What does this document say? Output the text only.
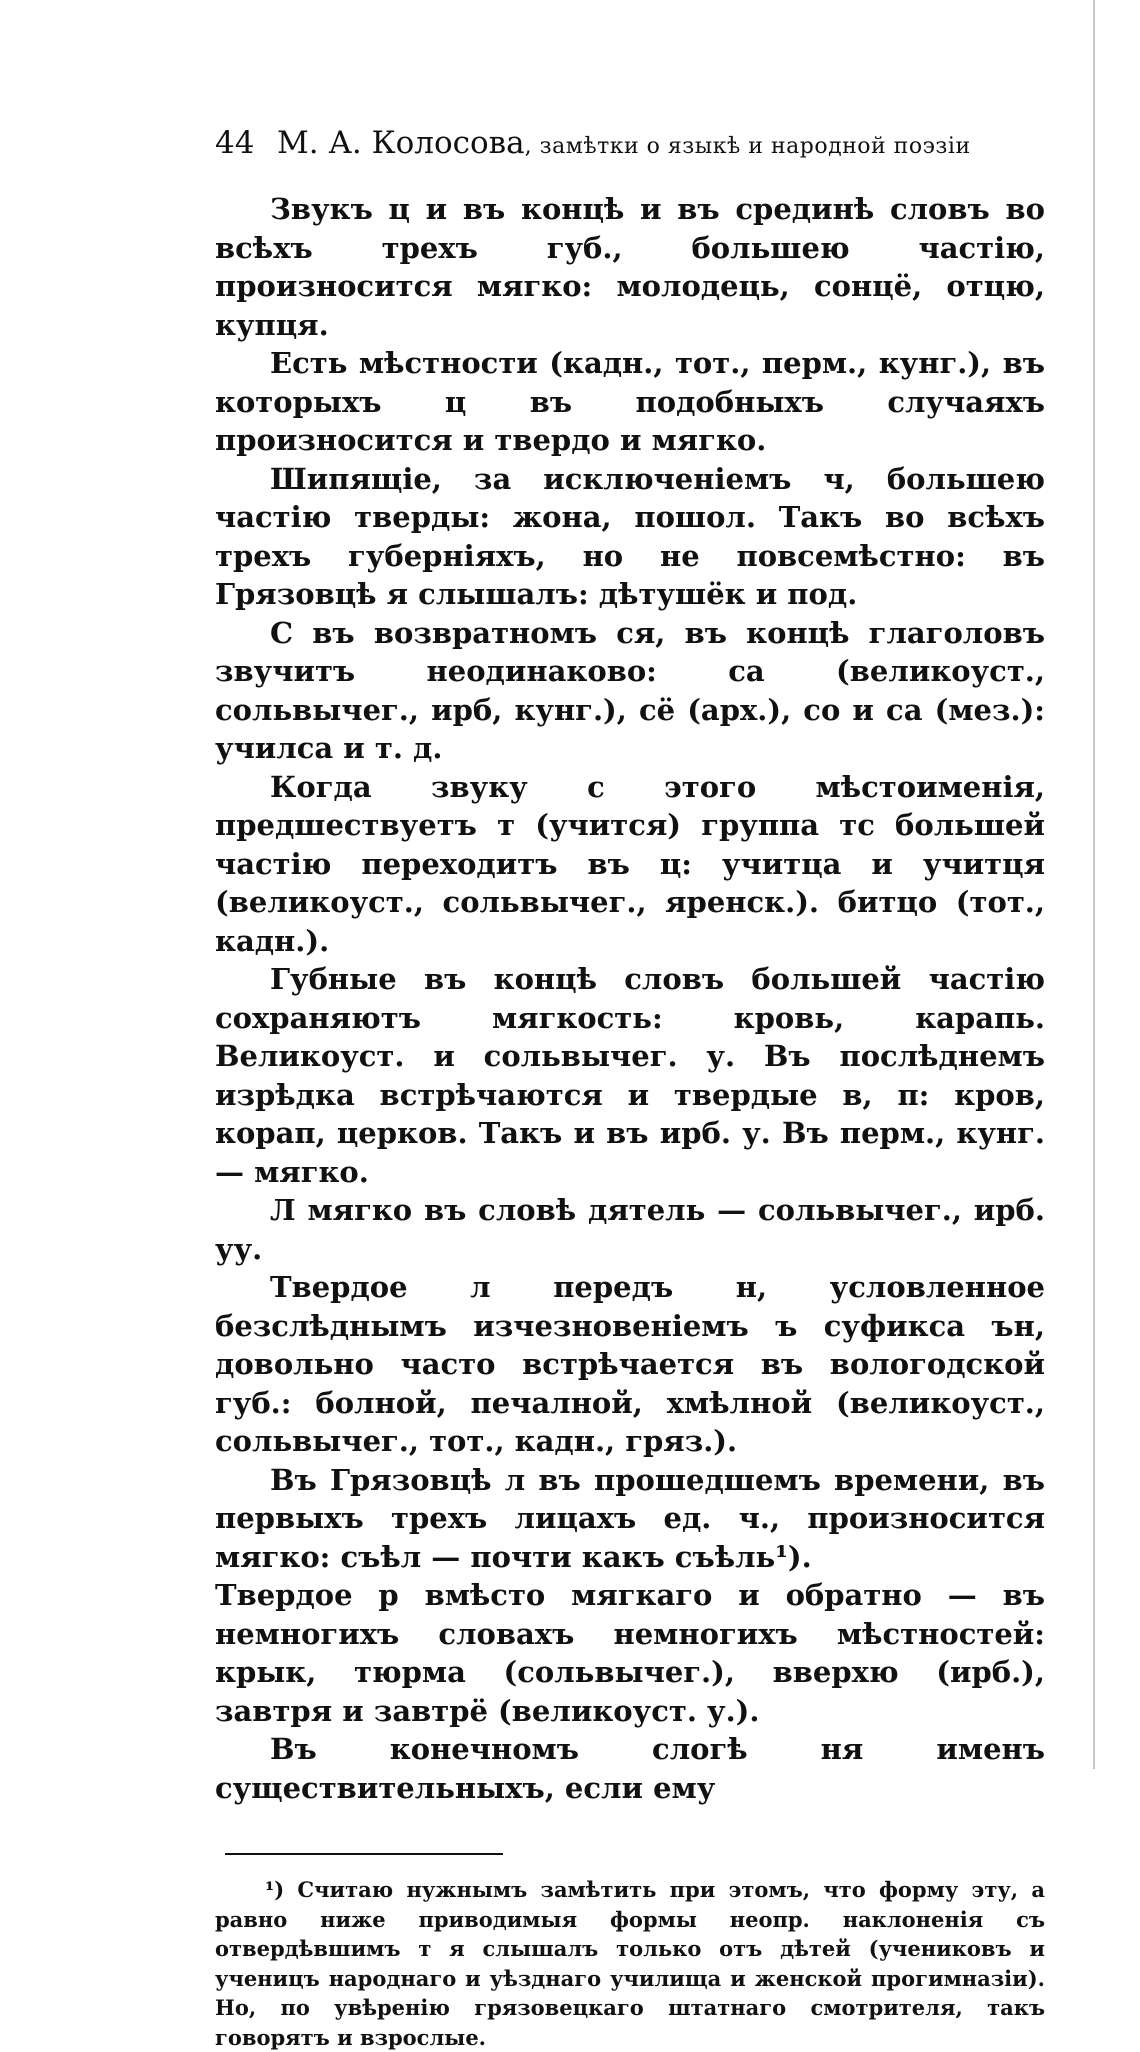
44 М. А. Колосова, замѣтки о языкѣ и народной поэзіи

Звукъ ц и въ концѣ и въ срединѣ словъ во всѣхъ трехъ губ., большею частію, произносится мягко: молодець, сонцё, отцю, купця.

Есть мѣстности (кадн., тот., перм., кунг.), въ которыхъ ц въ подобныхъ случаяхъ произносится и твердо и мягко.

Шипящіе, за исключеніемъ ч, большею частію тверды: жона, пошол. Такъ во всѣхъ трехъ губерніяхъ, но не повсемѣстно: въ Грязовцѣ я слышалъ: дѣтушёк и под.

С въ возвратномъ ся, въ концѣ глаголовъ звучитъ неодинаково: са (великоуст., сольвычег., ирб, кунг.), сё (арх.), со и са (мез.): училса и т. д.

Когда звуку с этого мѣстоименія, предшествуетъ т (учится) группа тс большей частію переходитъ въ ц: учитца и учитця (великоуст., сольвычег., яренск.). битцо (тот., кадн.).

Губные въ концѣ словъ большей частію сохраняютъ мягкость: кровь, карапь. Великоуст. и сольвычег. у. Въ послѣднемъ изрѣдка встрѣчаются и твердые в, п: кров, корап, церков. Такъ и въ ирб. у. Въ перм., кунг. — мягко.

Л мягко въ словѣ дятель — сольвычег., ирб. уу.

Твердое л передъ н, условленное безслѣднымъ изчезновеніемъ ъ суфикса ън, довольно часто встрѣчается въ вологодской губ.: болной, печалной, хмѣлной (великоуст., сольвычег., тот., кадн., гряз.).

Въ Грязовцѣ л въ прошедшемъ времени, въ первыхъ трехъ лицахъ ед. ч., произносится мягко: съѣл — почти какъ съѣль¹).

Твердое р вмѣсто мягкаго и обратно — въ немногихъ словахъ немногихъ мѣстностей: крык, тюрма (сольвычег.), вверхю (ирб.), завтря и завтрё (великоуст. у.).

Въ конечномъ слогѣ ня именъ существительныхъ, если ему

¹) Считаю нужнымъ замѣтить при этомъ, что форму эту, а равно ниже приводимыя формы неопр. наклоненія съ отвердѣвшимъ т я слышалъ только отъ дѣтей (учениковъ и ученицъ народнаго и уѣзднаго училища и женской прогимназіи). Но, по увѣренію грязовецкаго штатнаго смотрителя, такъ говорятъ и взрослые.
